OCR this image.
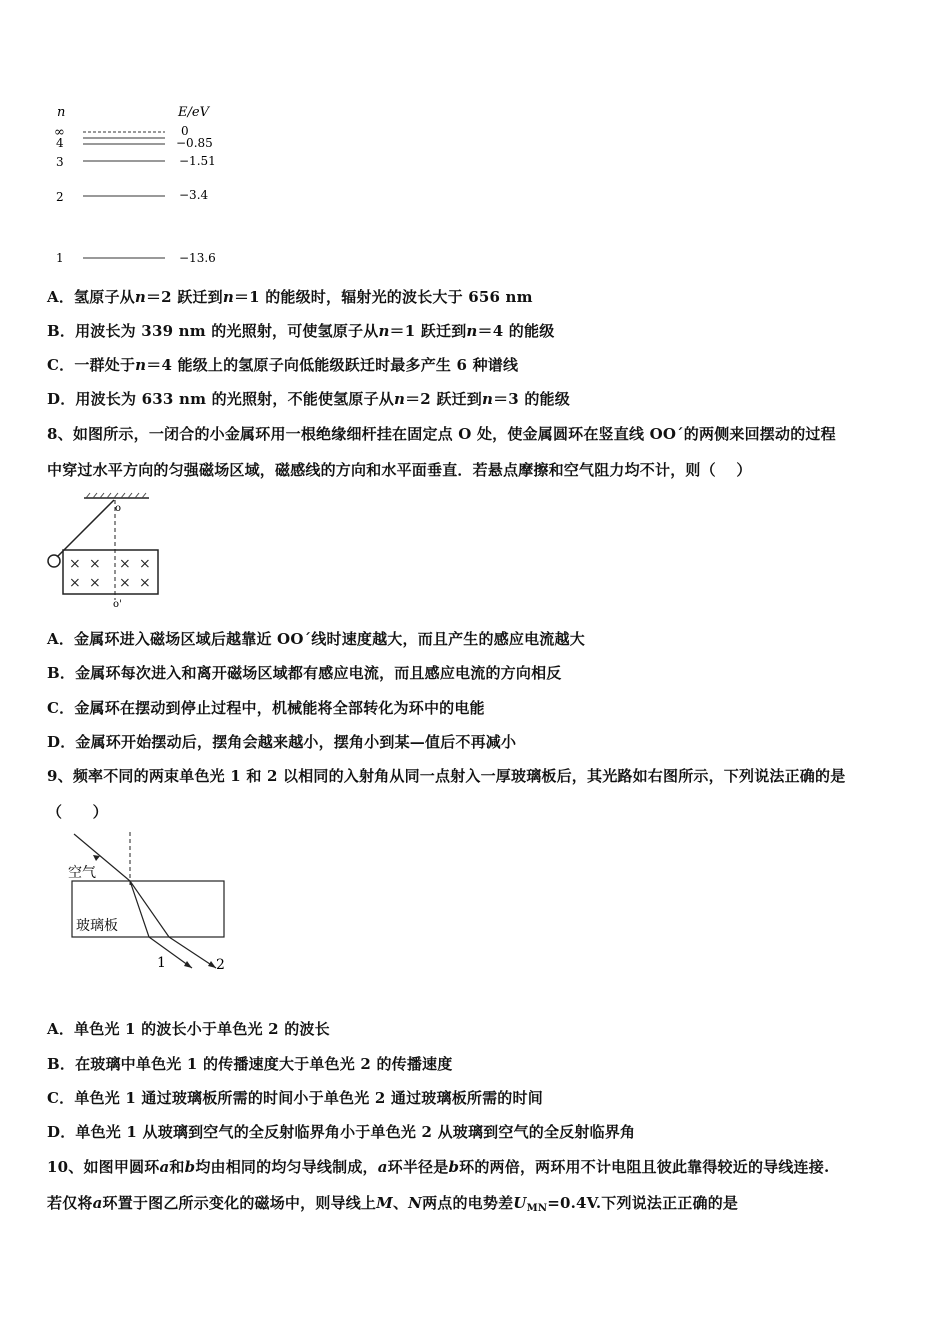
n	E/eV
∞	0
4	−0.85
3	−1.51
2	−3.4
1	−13.6
A．氢原子从n＝2 跃迁到n＝1 的能级时，辐射光的波长大于 656 nm
B．用波长为 339 nm 的光照射，可使氢原子从n＝1 跃迁到n＝4 的能级
C．一群处于n＝4 能级上的氢原子向低能级跃迁时最多产生 6 种谱线
D．用波长为 633 nm 的光照射，不能使氢原子从n＝2 跃迁到n＝3 的能级
8、如图所示，一闭合的小金属环用一根绝缘细杆挂在固定点 O 处，使金属圆环在竖直线 OO´的两侧来回摆动的过程
中穿过水平方向的匀强磁场区域，磁感线的方向和水平面垂直．若悬点摩擦和空气阻力均不计，则（　 ）
o
× × × ×
× × × ×
o'
A．金属环进入磁场区域后越靠近 OO´线时速度越大，而且产生的感应电流越大
B．金属环每次进入和离开磁场区域都有感应电流，而且感应电流的方向相反
C．金属环在摆动到停止过程中，机械能将全部转化为环中的电能
D．金属环开始摆动后，摆角会越来越小，摆角小到某—值后不再减小
9、频率不同的两束单色光 1 和 2 以相同的入射角从同一点射入一厚玻璃板后，其光路如右图所示，下列说法正确的是
（　　）
空气
玻璃板
1	2
A．单色光 1 的波长小于单色光 2 的波长
B．在玻璃中单色光 1 的传播速度大于单色光 2 的传播速度
C．单色光 1 通过玻璃板所需的时间小于单色光 2 通过玻璃板所需的时间
D．单色光 1 从玻璃到空气的全反射临界角小于单色光 2 从玻璃到空气的全反射临界角
10、如图甲圆环a和b均由相同的均匀导线制成，a环半径是b环的两倍，两环用不计电阻且彼此靠得较近的导线连接.
若仅将a环置于图乙所示变化的磁场中，则导线上M、N两点的电势差$U_{MN}=0.4V$.下列说法正正确的是
